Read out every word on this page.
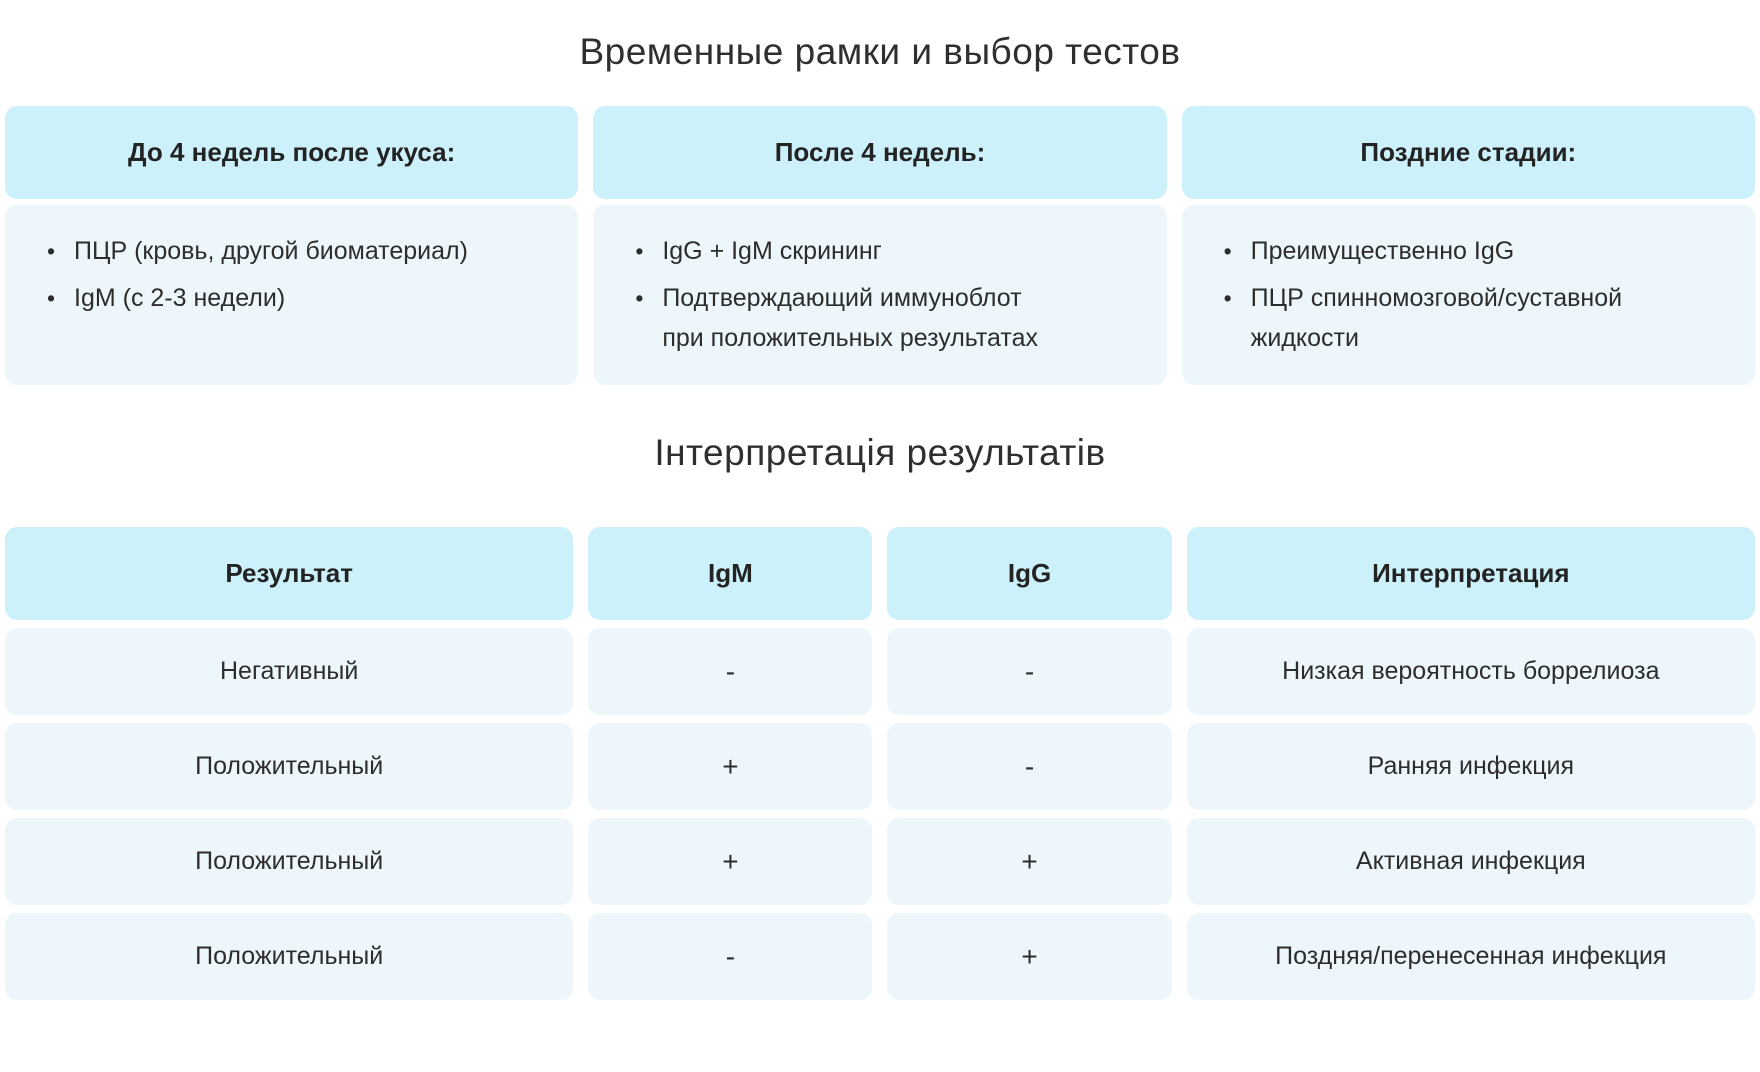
Временные рамки и выбор тестов
До 4 недель после укуса:	После 4 недель:	Поздние стадии:
• ПЦР (кровь, другой биоматериал)
• IgM (с 2-3 недели)
• IgG + IgM скрининг
• Подтверждающий иммуноблот при положительных результатах
• Преимущественно IgG
• ПЦР спинномозговой/суставной жидкости
Інтерпретація результатів
Результат	IgM	IgG	Интерпретация
Негативный	-	-	Низкая вероятность боррелиоза
Положительный	+	-	Ранняя инфекция
Положительный	+	+	Активная инфекция
Положительный	-	+	Поздняя/перенесенная инфекция
